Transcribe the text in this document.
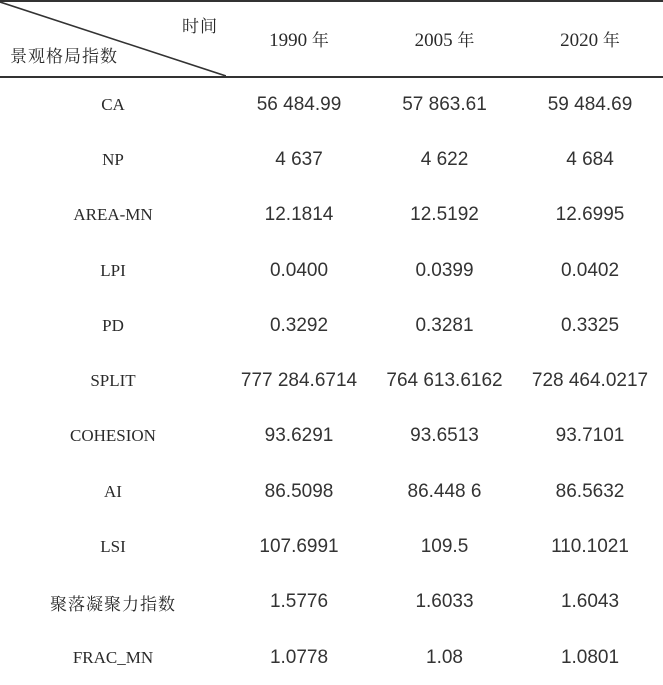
时间
景观格局指数	1990 年	2005 年	2020 年
CA	56 484.99	57 863.61	59 484.69
NP	4 637	4 622	4 684
AREA-MN	12.1814	12.5192	12.6995
LPI	0.0400	0.0399	0.0402
PD	0.3292	0.3281	0.3325
SPLIT	777 284.6714	764 613.6162	728 464.0217
COHESION	93.6291	93.6513	93.7101
AI	86.5098	86.448 6	86.5632
LSI	107.6991	109.5	110.1021
聚落凝聚力指数	1.5776	1.6033	1.6043
FRAC_MN	1.0778	1.08	1.0801
